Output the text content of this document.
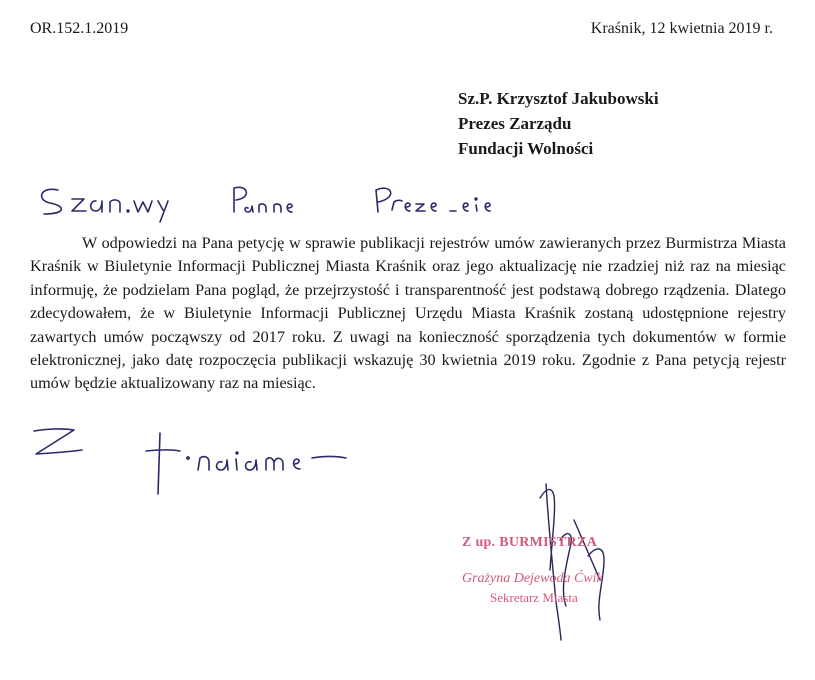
OR.152.1.2019	Kraśnik, 12 kwietnia 2019 r.
Sz.P. Krzysztof Jakubowski
Prezes Zarządu
Fundacji Wolności
W odpowiedzi na Pana petycję w sprawie publikacji rejestrów umów zawieranych przez Burmistrza Miasta Kraśnik w Biuletynie Informacji Publicznej Miasta Kraśnik oraz jego aktualizację nie rzadziej niż raz na miesiąc informuję, że podzielam Pana pogląd, że przejrzystość i transparentność jest podstawą dobrego rządzenia. Dlatego zdecydowałem, że w Biuletynie Informacji Publicznej Urzędu Miasta Kraśnik zostaną udostępnione rejestry zawartych umów począwszy od 2017 roku. Z uwagi na konieczność sporządzenia tych dokumentów w formie elektronicznej, jako datę rozpoczęcia publikacji wskazuję 30 kwietnia 2019 roku. Zgodnie z Pana petycją rejestr umów będzie aktualizowany raz na miesiąc.
Z up. BURMISTRZA
Grażyna Dejewoda Ćwik
Sekretarz Miasta
